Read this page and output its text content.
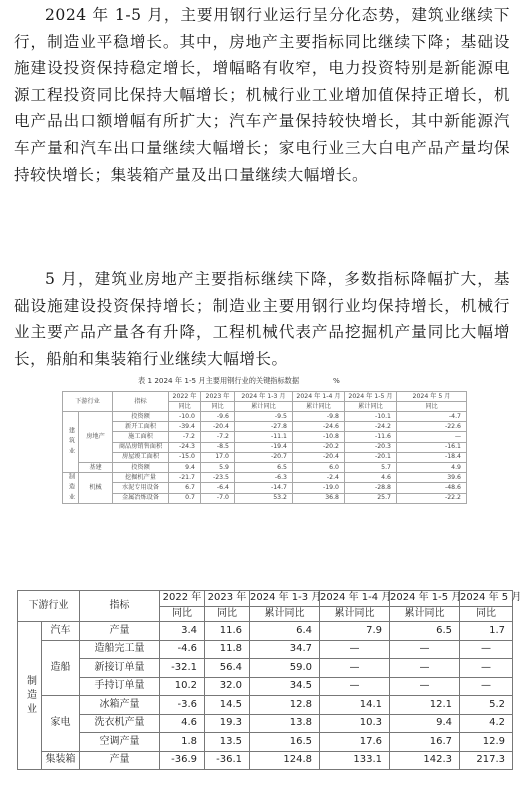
2024 年 1-5 月，主要用钢行业运行呈分化态势，建筑业继续下行，制造业平稳增长。其中，房地产主要指标同比继续下降；基础设施建设投资保持稳定增长，增幅略有收窄，电力投资特别是新能源电源工程投资同比保持大幅增长；机械行业工业增加值保持正增长，机电产品出口额增幅有所扩大；汽车产量保持较快增长，其中新能源汽车产量和汽车出口量继续大幅增长；家电行业三大白电产品产量均保持较快增长；集装箱产量及出口量继续大幅增长。

5 月，建筑业房地产主要指标继续下降，多数指标降幅扩大，基础设施建设投资保持增长；制造业主要用钢行业均保持增长，机械行业主要产品产量各有升降，工程机械代表产品挖掘机产量同比大幅增长，船舶和集装箱行业继续大幅增长。

表 1 2024 年 1-5 月主要用钢行业的关键指标数据	%
下游行业		指标	2022 年	2023 年	2024 年 1-3 月	2024 年 1-4 月	2024 年 1-5 月	2024 年 5 月
			同比	同比	累计同比	累计同比	累计同比	同比
建筑业	房地产	投资额	-10.0	-9.6	-9.5	-9.8	-10.1	-4.7
		新开工面积	-39.4	-20.4	-27.8	-24.6	-24.2	-22.6
		施工面积	-7.2	-7.2	-11.1	-10.8	-11.6	—
		商品房销售面积	-24.3	-8.5	-19.4	-20.2	-20.3	-16.1
		房屋竣工面积	-15.0	17.0	-20.7	-20.4	-20.1	-18.4
	基建	投资额	9.4	5.9	6.5	6.0	5.7	4.9
制造业	机械	挖掘机产量	-21.7	-23.5	-6.3	-2.4	4.6	39.6
		水泥专用设备	6.7	-6.4	-14.7	-19.0	-28.8	-48.6
		金属冶炼设备	0.7	-7.0	53.2	36.8	25.7	-22.2
下游行业		指标	2022 年	2023 年	2024 年 1-3 月	2024 年 1-4 月	2024 年 1-5 月	2024 年 5 月
			同比	同比	累计同比	累计同比	累计同比	同比
制造业	汽车	产量	3.4	11.6	6.4	7.9	6.5	1.7
	造船	造船完工量	-4.6	11.8	34.7	—	—	—
		新接订单量	-32.1	56.4	59.0	—	—	—
		手持订单量	10.2	32.0	34.5	—	—	—
	家电	冰箱产量	-3.6	14.5	12.8	14.1	12.1	5.2
		洗衣机产量	4.6	19.3	13.8	10.3	9.4	4.2
		空调产量	1.8	13.5	16.5	17.6	16.7	12.9
	集装箱	产量	-36.9	-36.1	124.8	133.1	142.3	217.3
